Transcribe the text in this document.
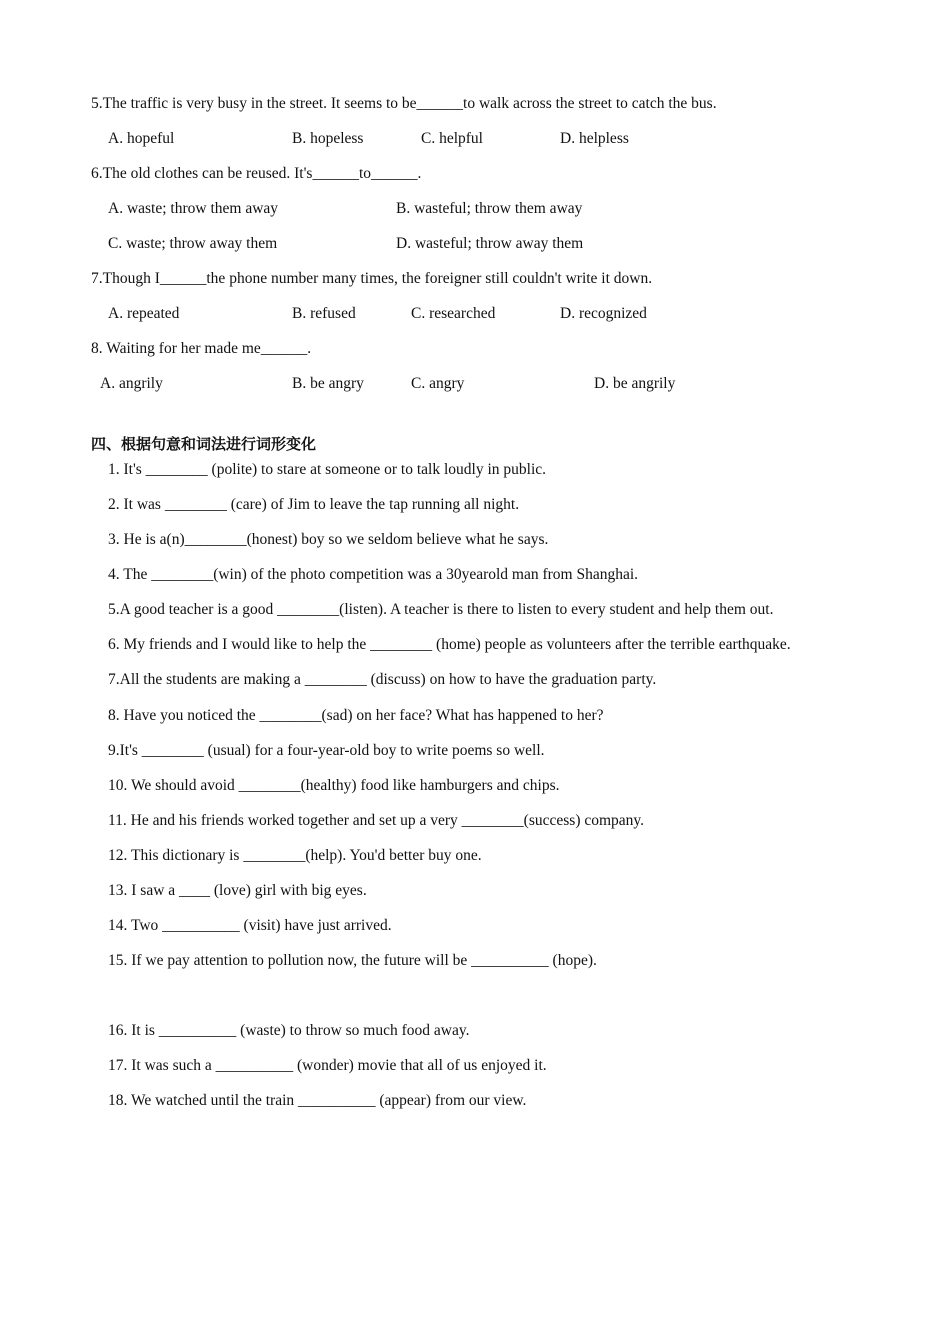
5.The traffic is very busy in the street. It seems to be______to walk across the street to catch the bus.
A. hopeful	B. hopeless	C. helpful	D. helpless
6.The old clothes can be reused. It's______to______.
A. waste; throw them away	B. wasteful; throw them away
C. waste; throw away them	D. wasteful; throw away them
7.Though I______the phone number many times, the foreigner still couldn't write it down.
A. repeated	B. refused	C. researched	D. recognized
8. Waiting for her made me______.
A. angrily	B. be angry	C. angry	D. be angrily
四、根据句意和词法进行词形变化
1. It's ________ (polite) to stare at someone or to talk loudly in public.
2. It was ________ (care) of Jim to leave the tap running all night.
3. He is a(n)________(honest) boy so we seldom believe what he says.
4. The ________(win) of the photo competition was a 30yearold man from Shanghai.
5.A good teacher is a good ________(listen). A teacher is there to listen to every student and help them out.
6. My friends and I would like to help the ________ (home) people as volunteers after the terrible earthquake.
7.All the students are making a ________ (discuss) on how to have the graduation party.
8. Have you noticed the ________(sad) on her face? What has happened to her?
9.It's ________ (usual) for a four-year-old boy to write poems so well.
10. We should avoid ________(healthy) food like hamburgers and chips.
11. He and his friends worked together and set up a very ________(success) company.
12. This dictionary is ________(help). You'd better buy one.
13. I saw a ____ (love) girl with big eyes.
14. Two __________ (visit) have just arrived.
15. If we pay attention to pollution now, the future will be __________ (hope).
16. It is __________ (waste) to throw so much food away.
17. It was such a __________ (wonder) movie that all of us enjoyed it.
18. We watched until the train __________ (appear) from our view.
